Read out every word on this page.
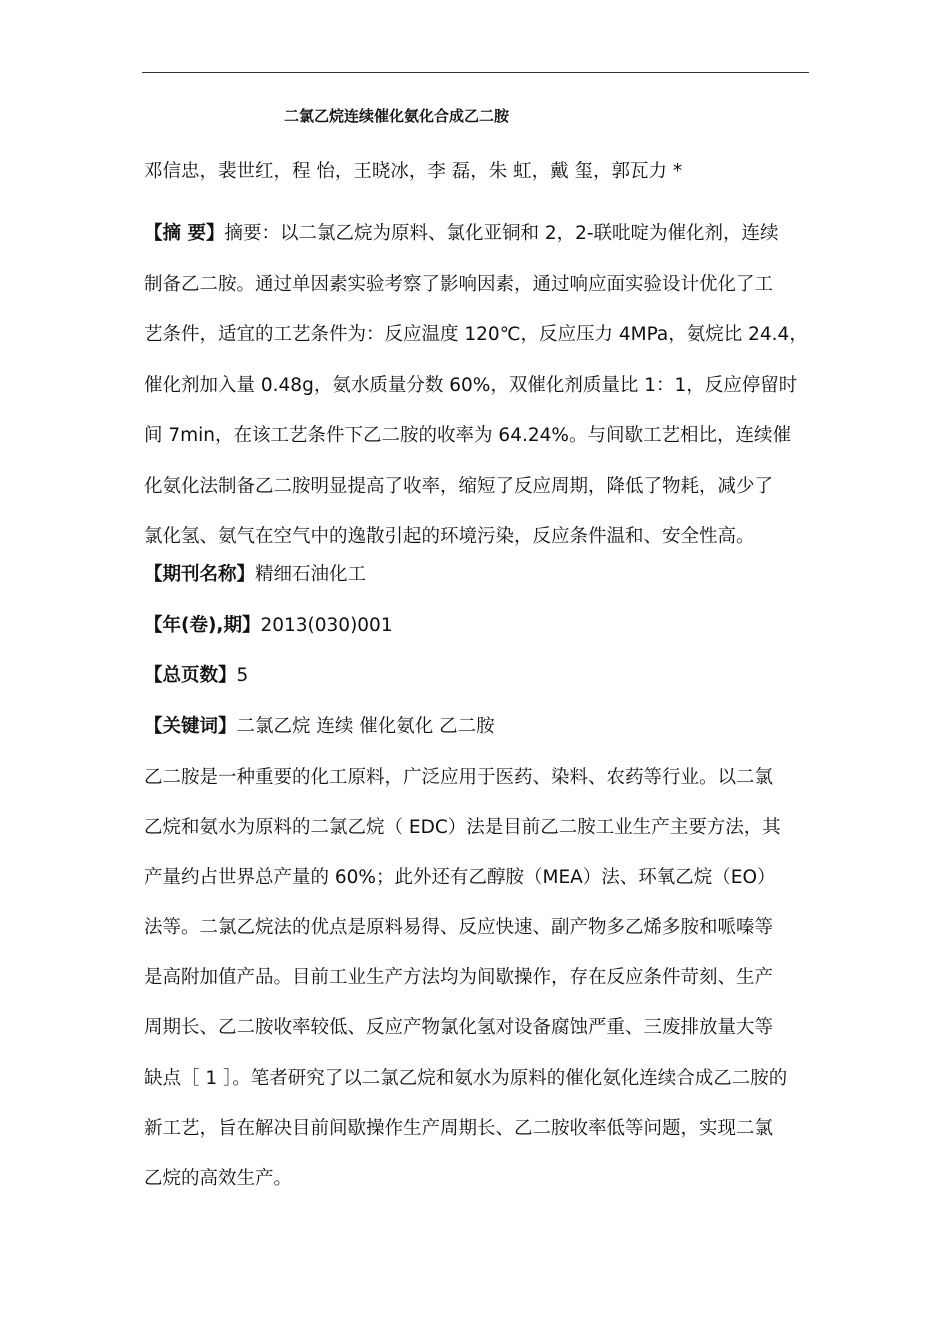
二氯乙烷连续催化氨化合成乙二胺
邓信忠，裴世红，程 怡，王晓冰，李 磊，朱 虹，戴 玺，郭瓦力 *
【摘 要】摘要：以二氯乙烷为原料、氯化亚铜和 2，2-联吡啶为催化剂，连续
制备乙二胺。通过单因素实验考察了影响因素，通过响应面实验设计优化了工
艺条件，适宜的工艺条件为：反应温度 120℃，反应压力 4MPa，氨烷比 24.4，
催化剂加入量 0.48g，氨水质量分数 60%，双催化剂质量比 1：1，反应停留时
间 7min，在该工艺条件下乙二胺的收率为 64.24%。与间歇工艺相比，连续催
化氨化法制备乙二胺明显提高了收率，缩短了反应周期，降低了物耗，减少了
氯化氢、氨气在空气中的逸散引起的环境污染，反应条件温和、安全性高。
【期刊名称】精细石油化工
【年(卷),期】2013(030)001
【总页数】5
【关键词】二氯乙烷 连续 催化氨化 乙二胺
乙二胺是一种重要的化工原料，广泛应用于医药、染料、农药等行业。以二氯
乙烷和氨水为原料的二氯乙烷（ EDC）法是目前乙二胺工业生产主要方法，其
产量约占世界总产量的 60%；此外还有乙醇胺（MEA）法、环氧乙烷（EO）
法等。二氯乙烷法的优点是原料易得、反应快速、副产物多乙烯多胺和哌嗪等
是高附加值产品。目前工业生产方法均为间歇操作，存在反应条件苛刻、生产
周期长、乙二胺收率较低、反应产物氯化氢对设备腐蚀严重、三废排放量大等
缺点［ 1 ］。笔者研究了以二氯乙烷和氨水为原料的催化氨化连续合成乙二胺的
新工艺，旨在解决目前间歇操作生产周期长、乙二胺收率低等问题，实现二氯
乙烷的高效生产。
